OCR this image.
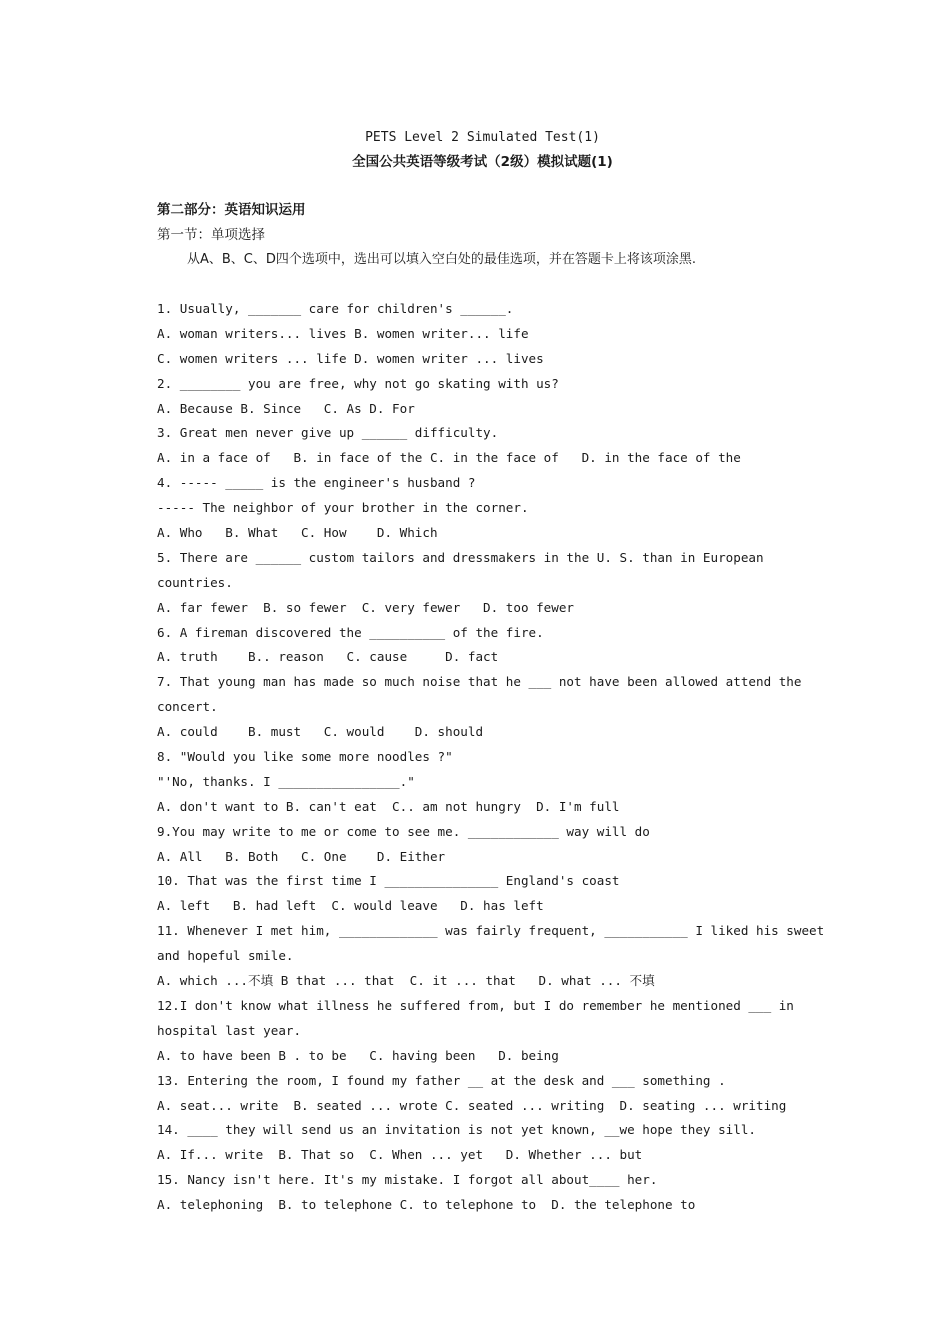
PETS Level 2 Simulated Test(1)
全国公共英语等级考试（2级）模拟试题(1)
第二部分：英语知识运用
第一节：单项选择
从A、B、C、D四个选项中，选出可以填入空白处的最佳选项，并在答题卡上将该项涂黑.
1. Usually, _______ care for children's ______.
A. woman writers... lives B. women writer... life
C. women writers ... life D. women writer ... lives
2. ________ you are free, why not go skating with us?
A. Because B. Since   C. As D. For
3. Great men never give up ______ difficulty.
A. in a face of   B. in face of the C. in the face of   D. in the face of the
4. ----- _____ is the engineer's husband ?
----- The neighbor of your brother in the corner.
A. Who   B. What   C. How    D. Which
5. There are ______ custom tailors and dressmakers in the U. S. than in European
countries.
A. far fewer  B. so fewer  C. very fewer   D. too fewer
6. A fireman discovered the __________ of the fire.
A. truth    B.. reason   C. cause     D. fact
7. That young man has made so much noise that he ___ not have been allowed attend the
concert.
A. could    B. must   C. would    D. should
8. "Would you like some more noodles ?"
"'No, thanks. I ________________."
A. don't want to B. can't eat  C.. am not hungry  D. I'm full
9.You may write to me or come to see me. ____________ way will do
A. All   B. Both   C. One    D. Either
10. That was the first time I _______________ England's coast
A. left   B. had left  C. would leave   D. has left
11. Whenever I met him, _____________ was fairly frequent, ___________ I liked his sweet
and hopeful smile.
A. which ...不填 B that ... that  C. it ... that   D. what ... 不填
12.I don't know what illness he suffered from, but I do remember he mentioned ___ in
hospital last year.
A. to have been B . to be   C. having been   D. being
13. Entering the room, I found my father __ at the desk and ___ something .
A. seat... write  B. seated ... wrote C. seated ... writing  D. seating ... writing
14. ____ they will send us an invitation is not yet known, __we hope they sill.
A. If... write  B. That so  C. When ... yet   D. Whether ... but
15. Nancy isn't here. It's my mistake. I forgot all about____ her.
A. telephoning  B. to telephone C. to telephone to  D. the telephone to
